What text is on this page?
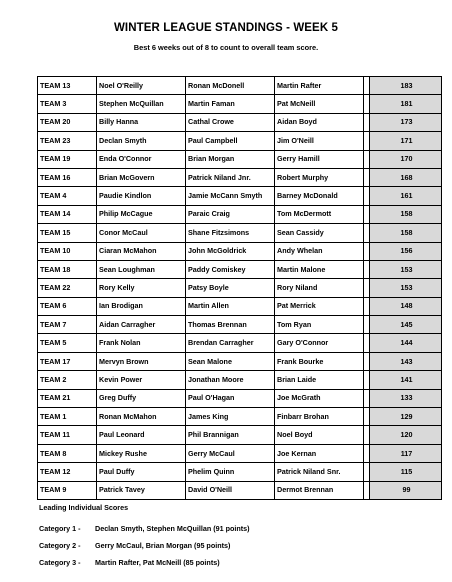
WINTER LEAGUE STANDINGS - WEEK 5
Best 6 weeks out of 8 to count to overall team score.
TEAM 13	Noel O'Reilly	Ronan McDonell	Martin Rafter		183
TEAM 3	Stephen McQuillan	Martin Faman	Pat McNeill		181
TEAM 20	Billy Hanna	Cathal Crowe	Aidan Boyd		173
TEAM 23	Declan Smyth	Paul Campbell	Jim O'Neill		171
TEAM 19	Enda O'Connor	Brian Morgan	Gerry Hamill		170
TEAM 16	Brian McGovern	Patrick Niland Jnr.	Robert Murphy		168
TEAM 4	Paudie Kindlon	Jamie McCann Smyth	Barney McDonald		161
TEAM 14	Philip McCague	Paraic Craig	Tom McDermott		158
TEAM 15	Conor McCaul	Shane Fitzsimons	Sean Cassidy		158
TEAM 10	Ciaran McMahon	John McGoldrick	Andy Whelan		156
TEAM 18	Sean Loughman	Paddy Comiskey	Martin Malone		153
TEAM 22	Rory Kelly	Patsy Boyle	Rory Niland		153
TEAM 6	Ian Brodigan	Martin Allen	Pat Merrick		148
TEAM 7	Aidan Carragher	Thomas Brennan	Tom Ryan		145
TEAM 5	Frank Nolan	Brendan Carragher	Gary O'Connor		144
TEAM 17	Mervyn Brown	Sean Malone	Frank Bourke		143
TEAM 2	Kevin Power	Jonathan Moore	Brian Laide		141
TEAM 21	Greg Duffy	Paul O'Hagan	Joe McGrath		133
TEAM 1	Ronan McMahon	James King	Finbarr Brohan		129
TEAM 11	Paul Leonard	Phil Brannigan	Noel Boyd		120
TEAM 8	Mickey Rushe	Gerry McCaul	Joe Kernan		117
TEAM 12	Paul Duffy	Phelim Quinn	Patrick Niland Snr.		115
TEAM 9	Patrick Tavey	David O'Neill	Dermot Brennan		99
Leading Individual Scores
Category 1 - Declan Smyth, Stephen McQuillan (91 points)
Category 2 - Gerry McCaul, Brian Morgan (95 points)
Category 3 - Martin Rafter, Pat McNeill (85 points)
